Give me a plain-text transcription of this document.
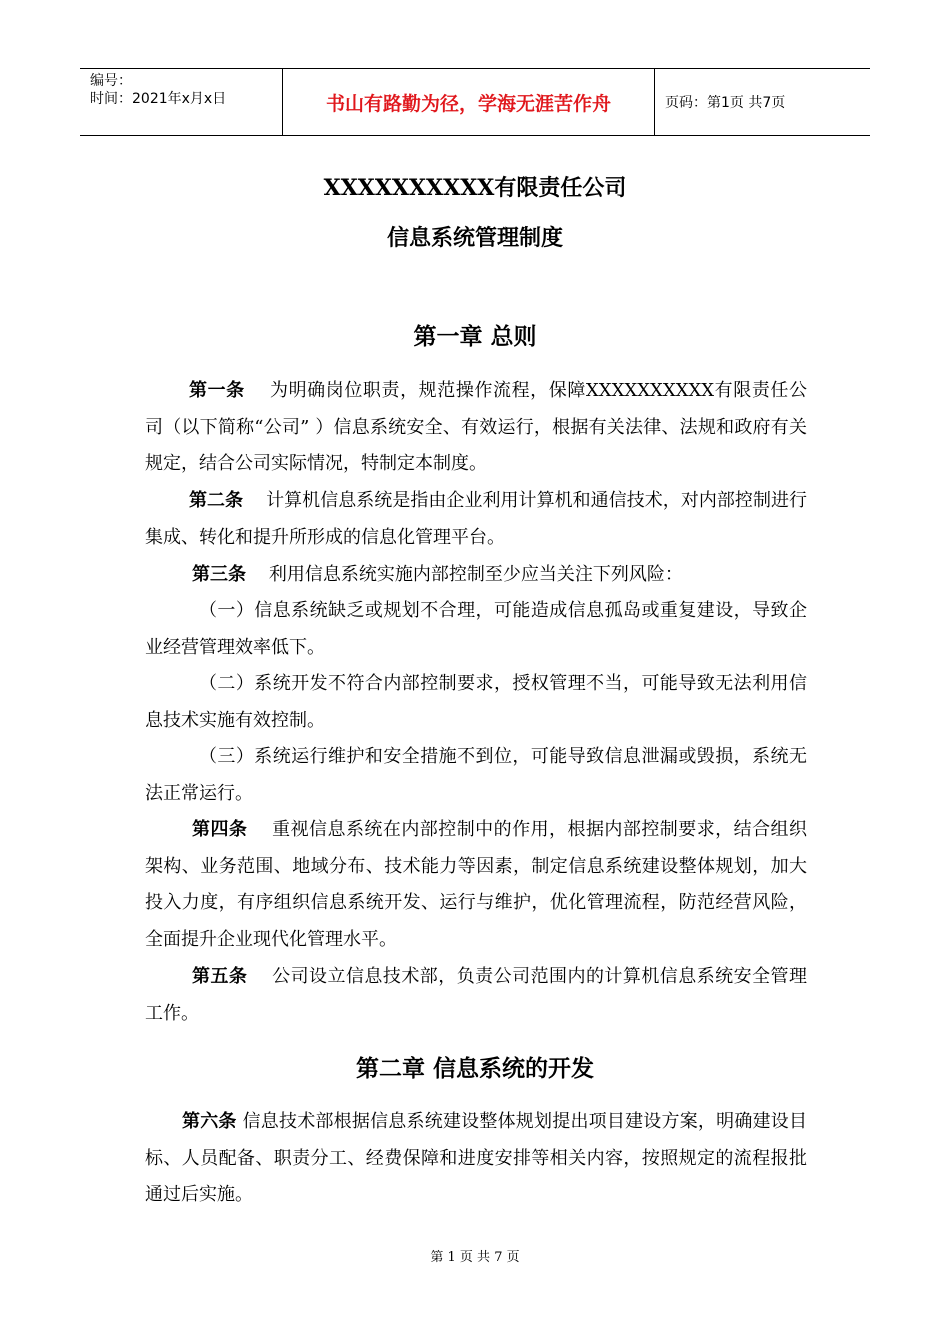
编号：
时间：2021年x月x日	书山有路勤为径，学海无涯苦作舟	页码：第1页 共7页
XXXXXXXXXX有限责任公司
信息系统管理制度
第一章 总则
第一条 为明确岗位职责，规范操作流程，保障XXXXXXXXXX有限责任公司（以下简称“公司” ）信息系统安全、有效运行，根据有关法律、法规和政府有关规定，结合公司实际情况，特制定本制度。
第二条 计算机信息系统是指由企业利用计算机和通信技术，对内部控制进行集成、转化和提升所形成的信息化管理平台。
第三条 利用信息系统实施内部控制至少应当关注下列风险：
（一）信息系统缺乏或规划不合理，可能造成信息孤岛或重复建设，导致企业经营管理效率低下。
（二）系统开发不符合内部控制要求，授权管理不当，可能导致无法利用信息技术实施有效控制。
（三）系统运行维护和安全措施不到位，可能导致信息泄漏或毁损，系统无法正常运行。
第四条 重视信息系统在内部控制中的作用，根据内部控制要求，结合组织架构、业务范围、地域分布、技术能力等因素，制定信息系统建设整体规划，加大投入力度，有序组织信息系统开发、运行与维护，优化管理流程，防范经营风险，全面提升企业现代化管理水平。
第五条 公司设立信息技术部，负责公司范围内的计算机信息系统安全管理工作。
第二章 信息系统的开发
第六条 信息技术部根据信息系统建设整体规划提出项目建设方案，明确建设目标、人员配备、职责分工、经费保障和进度安排等相关内容，按照规定的流程报批通过后实施。
第 1 页 共 7 页
